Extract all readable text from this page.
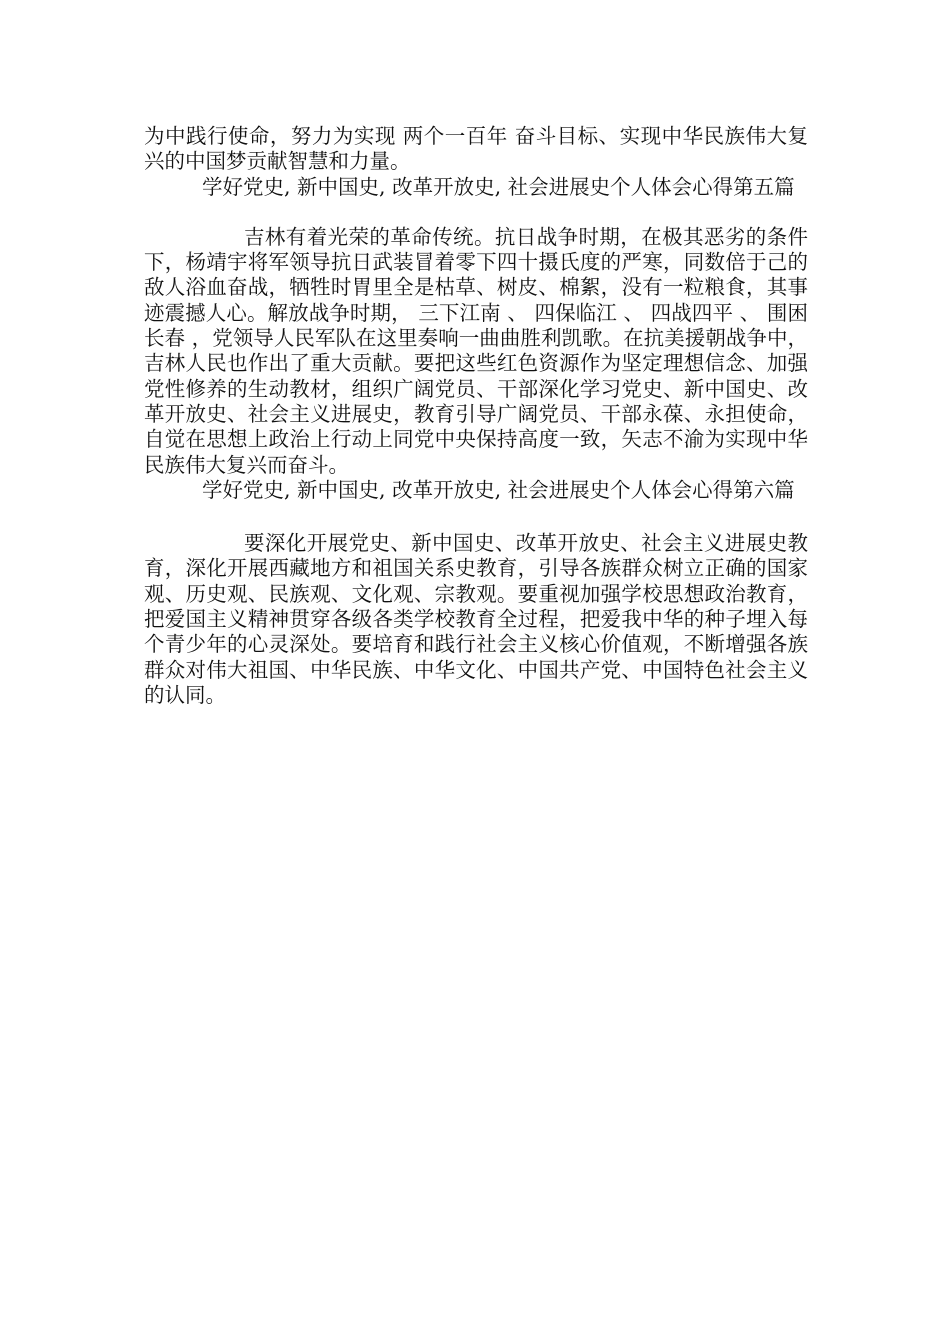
为中践行使命，努力为实现 两个一百年 奋斗目标、实现中华民族伟大复兴的中国梦贡献智慧和力量。

学好党史, 新中国史, 改革开放史, 社会进展史个人体会心得第五篇

吉林有着光荣的革命传统。抗日战争时期，在极其恶劣的条件下，杨靖宇将军领导抗日武装冒着零下四十摄氏度的严寒，同数倍于己的敌人浴血奋战，牺牲时胃里全是枯草、树皮、棉絮，没有一粒粮食，其事迹震撼人心。解放战争时期， 三下江南 、 四保临江 、 四战四平 、 围困长春 ，党领导人民军队在这里奏响一曲曲胜利凯歌。在抗美援朝战争中，吉林人民也作出了重大贡献。要把这些红色资源作为坚定理想信念、加强党性修养的生动教材，组织广阔党员、干部深化学习党史、新中国史、改革开放史、社会主义进展史，教育引导广阔党员、干部永葆、永担使命，自觉在思想上政治上行动上同党中央保持高度一致，矢志不渝为实现中华民族伟大复兴而奋斗。

学好党史, 新中国史, 改革开放史, 社会进展史个人体会心得第六篇

要深化开展党史、新中国史、改革开放史、社会主义进展史教育，深化开展西藏地方和祖国关系史教育，引导各族群众树立正确的国家观、历史观、民族观、文化观、宗教观。要重视加强学校思想政治教育，把爱国主义精神贯穿各级各类学校教育全过程，把爱我中华的种子埋入每个青少年的心灵深处。要培育和践行社会主义核心价值观，不断增强各族群众对伟大祖国、中华民族、中华文化、中国共产党、中国特色社会主义的认同。
